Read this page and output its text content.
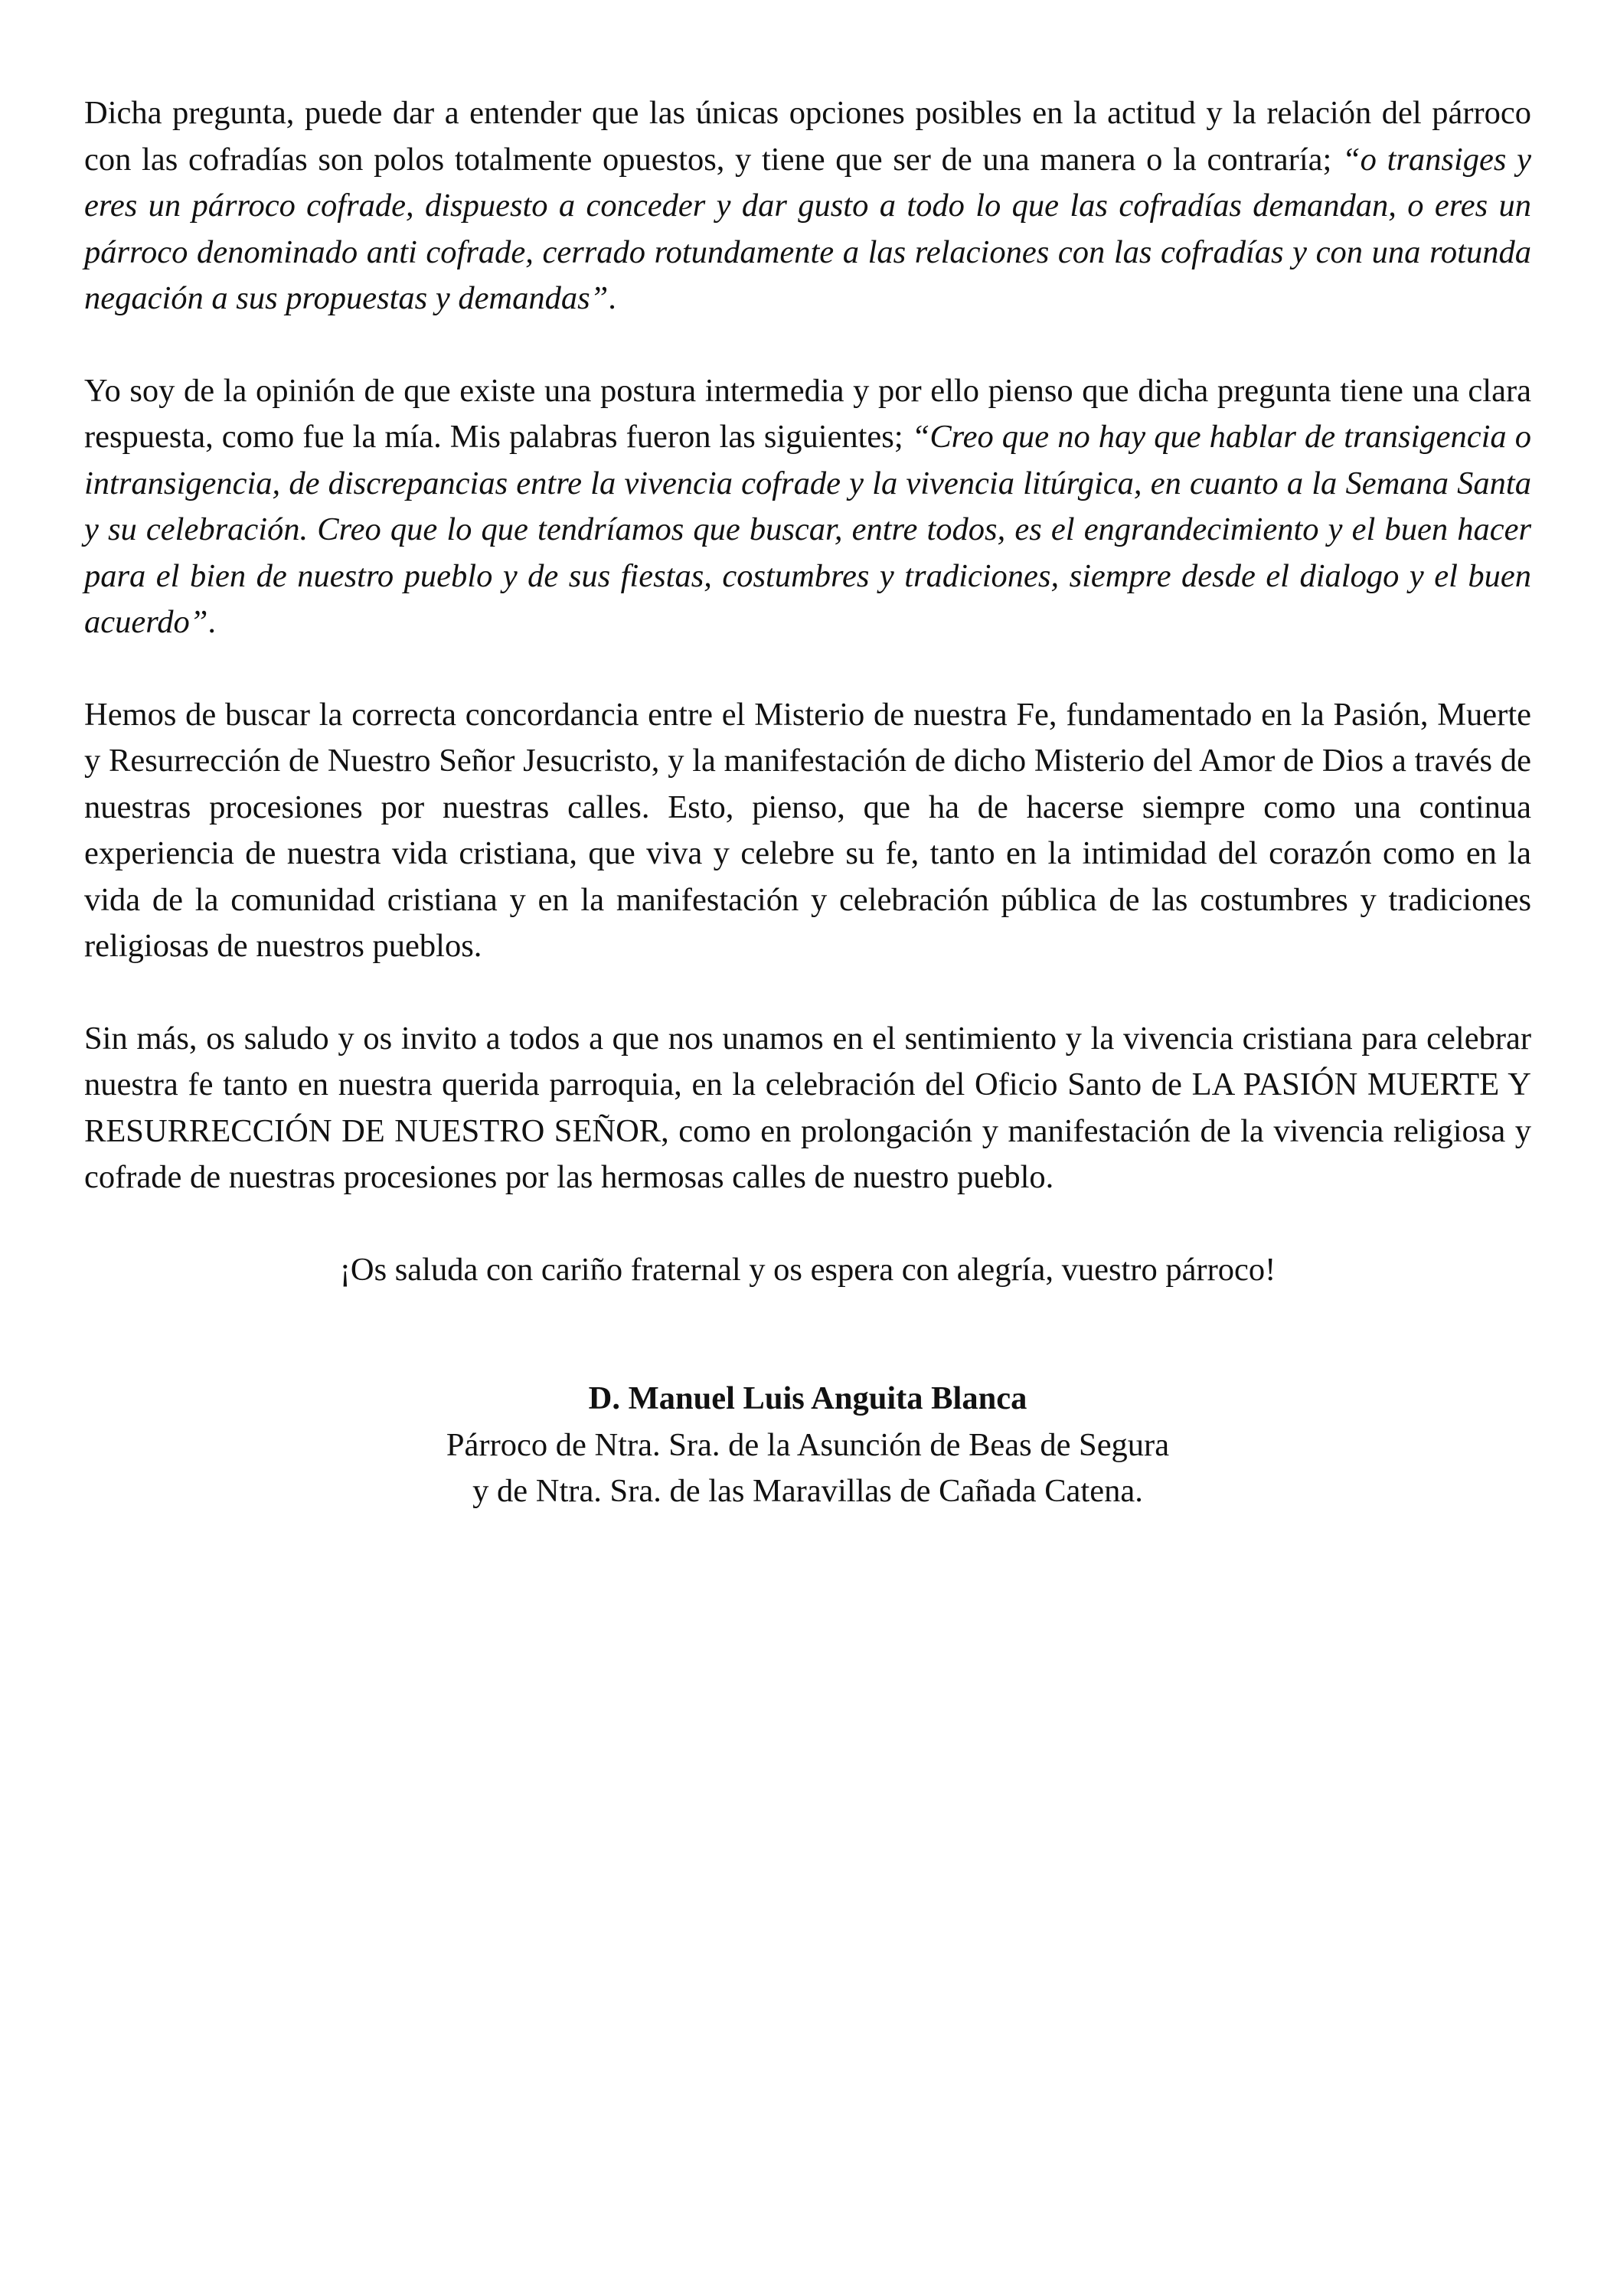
Dicha pregunta, puede dar a entender que las únicas opciones posibles en la actitud y la relación del párroco con las cofradías son polos totalmente opuestos, y tiene que ser de una manera o la contraría; “o transiges y eres un párroco cofrade, dispuesto a conceder y dar gusto a todo lo que las cofradías demandan, o eres un párroco denominado anti cofrade, cerrado rotundamente a las relaciones con las cofradías y con una rotunda negación a sus propuestas y demandas”.

Yo soy de la opinión de que existe una postura intermedia y por ello pienso que dicha pregunta tiene una clara respuesta, como fue la mía. Mis palabras fueron las siguientes; “Creo que no hay que hablar de transigencia o intransigencia, de discrepancias entre la vivencia cofrade y la vivencia litúrgica, en cuanto a la Semana Santa y su celebración. Creo que lo que tendríamos que buscar, entre todos, es el engrandecimiento y el buen hacer para el bien de nuestro pueblo y de sus fiestas, costumbres y tradiciones, siempre desde el dialogo y el buen acuerdo”.

Hemos de buscar la correcta concordancia entre el Misterio de nuestra Fe, fundamentado en la Pasión, Muerte y Resurrección de Nuestro Señor Jesucristo, y la manifestación de dicho Misterio del Amor de Dios a través de nuestras procesiones por nuestras calles. Esto, pienso, que ha de hacerse siempre como una continua experiencia de nuestra vida cristiana, que viva y celebre su fe, tanto en la intimidad del corazón como en la vida de la comunidad cristiana y en la manifestación y celebración pública de las costumbres y tradiciones religiosas de nuestros pueblos.

Sin más, os saludo y os invito a todos a que nos unamos en el sentimiento y la vivencia cristiana para celebrar nuestra fe tanto en nuestra querida parroquia, en la celebración del Oficio Santo de LA PASIÓN MUERTE Y RESURRECCIÓN DE NUESTRO SEÑOR, como en prolongación y manifestación de la vivencia religiosa y cofrade de nuestras procesiones por las hermosas calles de nuestro pueblo.

¡Os saluda con cariño fraternal y os espera con alegría, vuestro párroco!

D. Manuel Luis Anguita Blanca
Párroco de Ntra. Sra. de la Asunción de Beas de Segura
y de Ntra. Sra. de las Maravillas de Cañada Catena.
